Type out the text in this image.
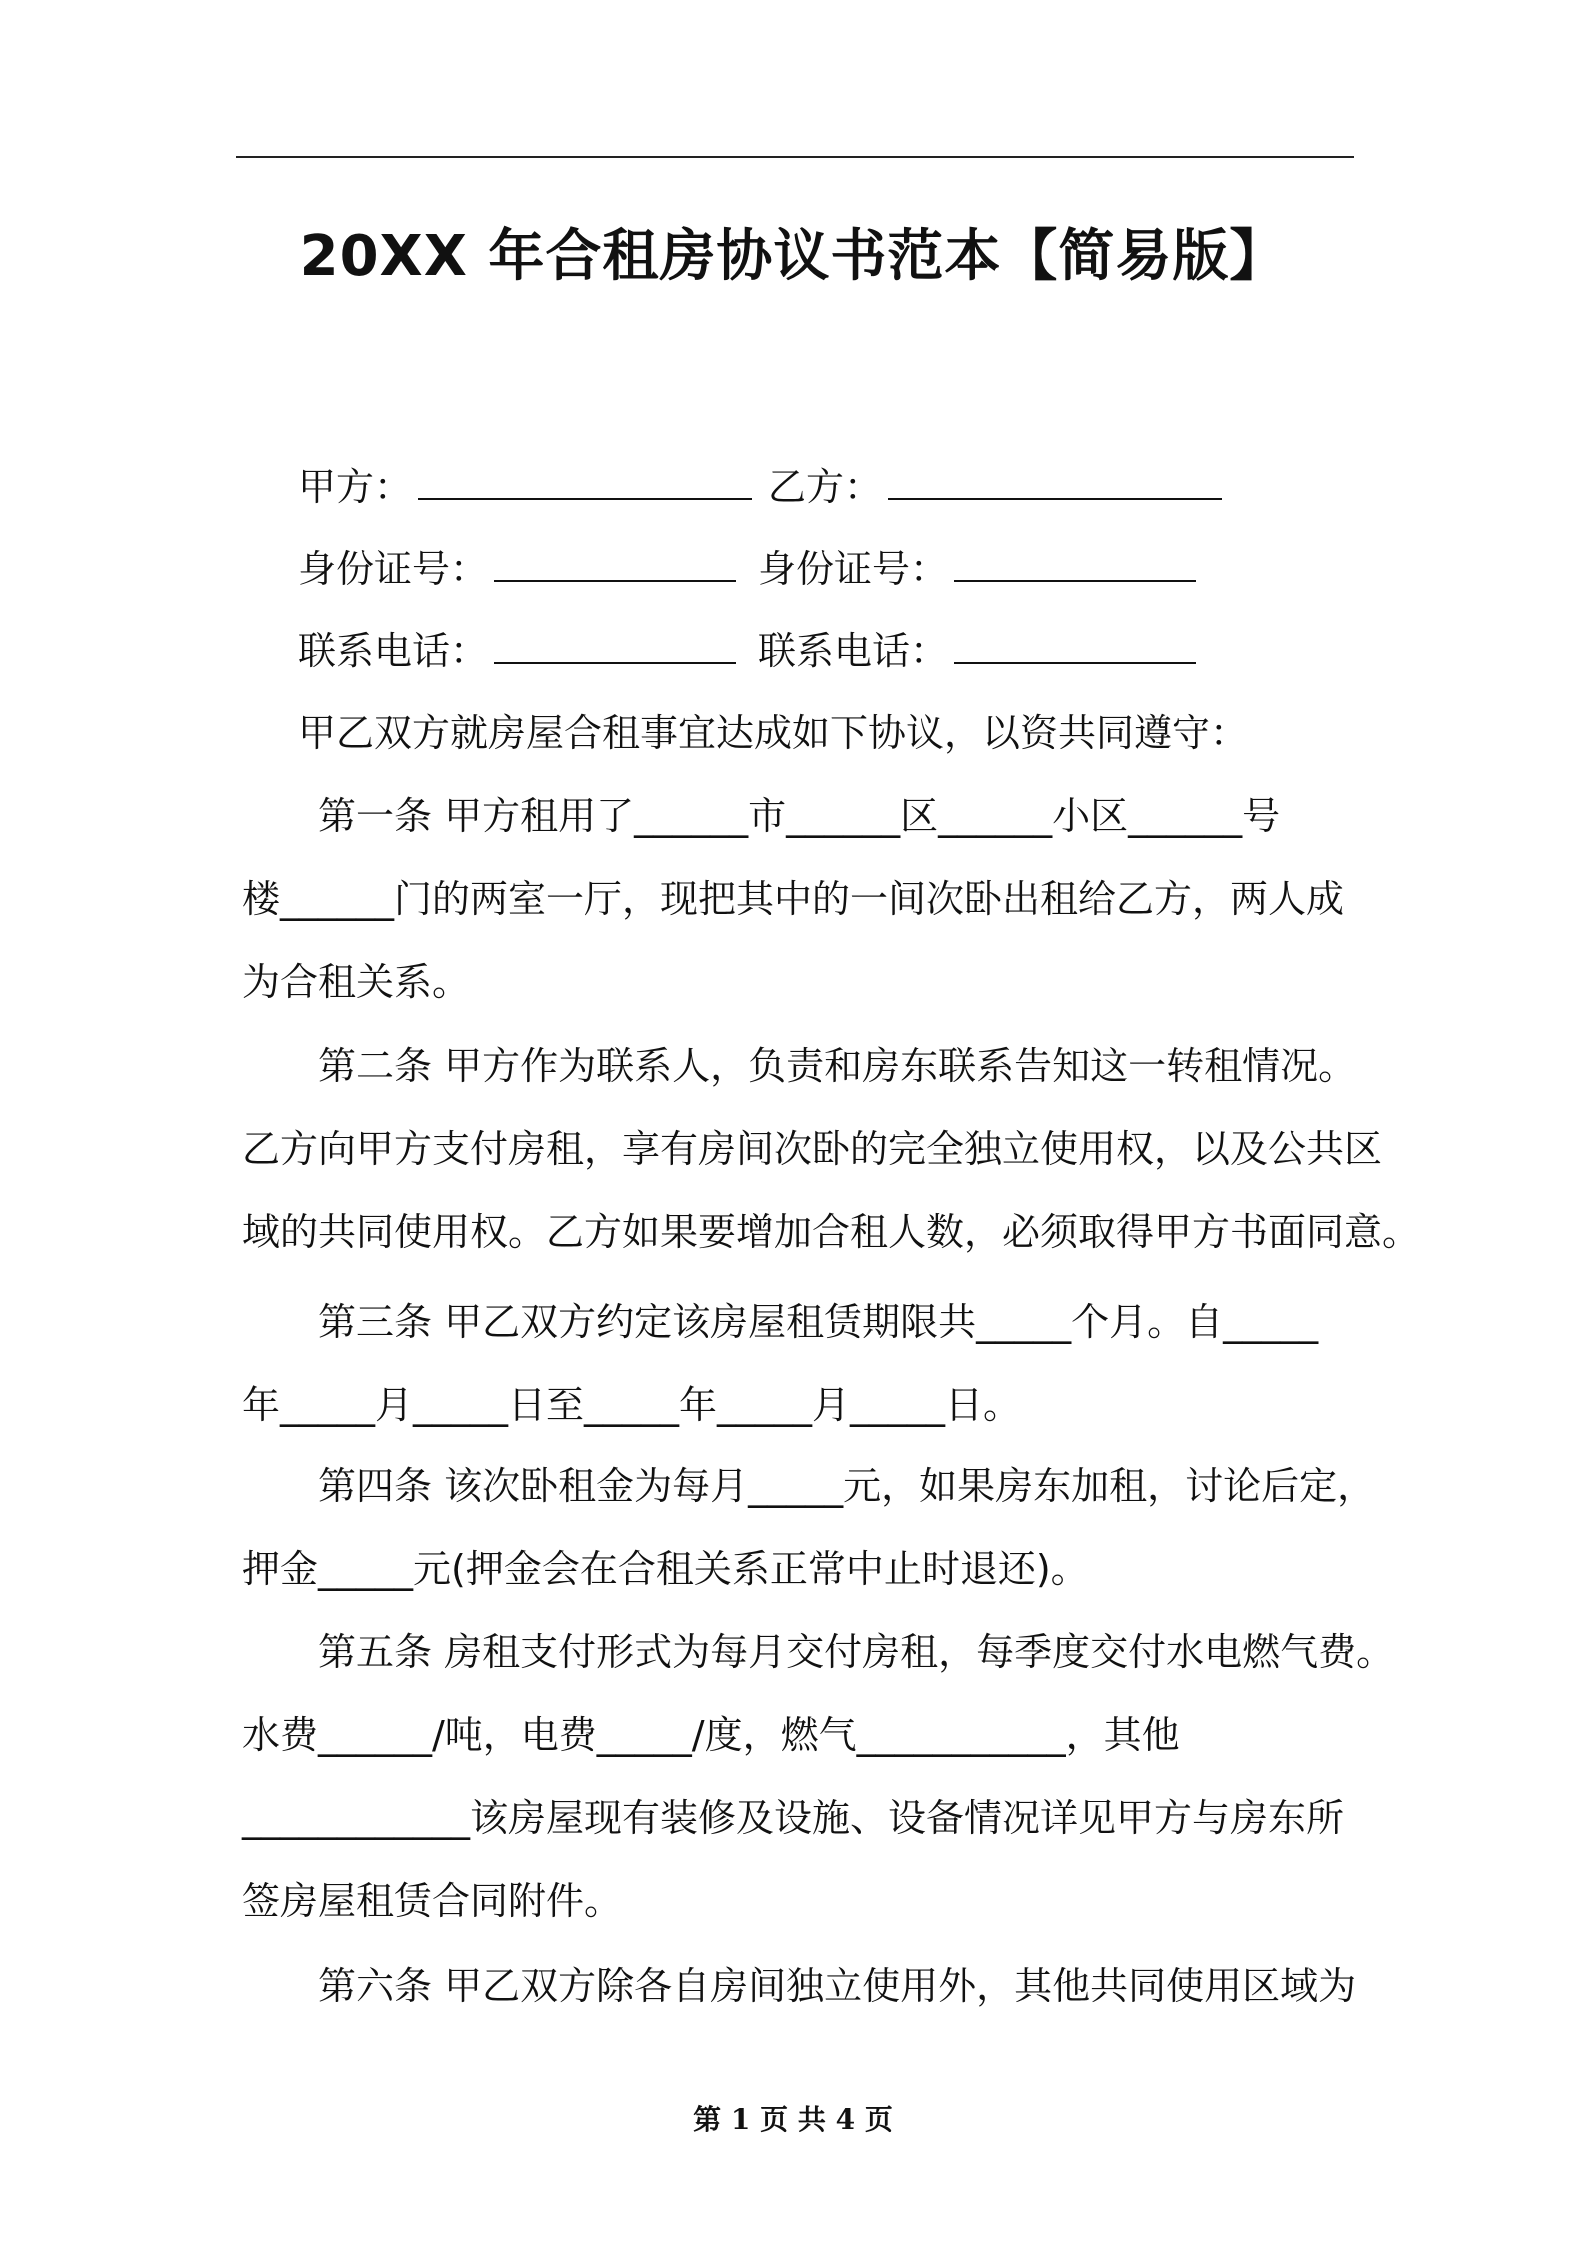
20XX 年合租房协议书范本【简易版】
甲方：	乙方：
身份证号：	身份证号：
联系电话：	联系电话：

甲乙双方就房屋合租事宜达成如下协议，以资共同遵守：

第一条 甲方租用了______市______区______小区______号

楼______门的两室一厅，现把其中的一间次卧出租给乙方，两人成

为合租关系。

第二条 甲方作为联系人，负责和房东联系告知这一转租情况。

乙方向甲方支付房租，享有房间次卧的完全独立使用权，以及公共区

域的共同使用权。乙方如果要增加合租人数，必须取得甲方书面同意。

第三条 甲乙双方约定该房屋租赁期限共_____个月。自_____

年_____月_____日至_____年_____月_____日。

第四条 该次卧租金为每月_____元，如果房东加租，讨论后定，

押金_____元(押金会在合租关系正常中止时退还)。

第五条 房租支付形式为每月交付房租，每季度交付水电燃气费。

水费______/吨，电费_____/度，燃气___________，其他

____________该房屋现有装修及设施、设备情况详见甲方与房东所

签房屋租赁合同附件。

第六条 甲乙双方除各自房间独立使用外，其他共同使用区域为

第 1 页 共 4 页
